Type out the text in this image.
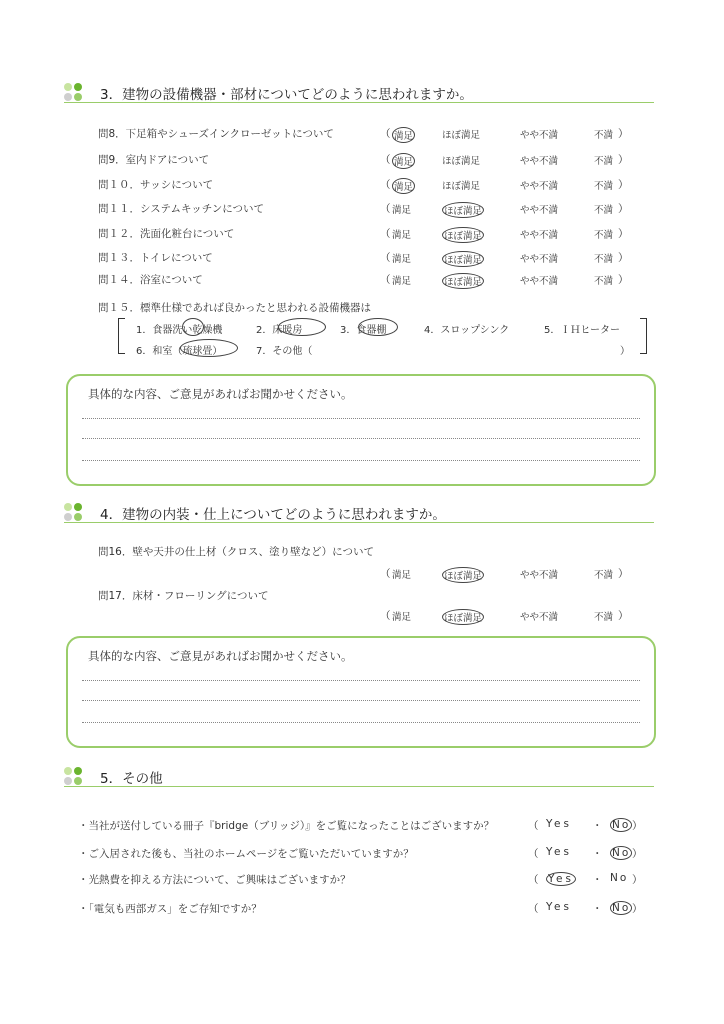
3．建物の設備機器・部材についてどのように思われますか。
問8．下足箱やシューズインクローゼットについて	（ 満足	ほぼ満足	やや不満	不満 ）
問9．室内ドアについて	（ 満足	ほぼ満足	やや不満	不満 ）
問１０．サッシについて	（ 満足	ほぼ満足	やや不満	不満 ）
問１１．システムキッチンについて	（ 満足	ほぼ満足	やや不満	不満 ）
問１２．洗面化粧台について	（ 満足	ほぼ満足	やや不満	不満 ）
問１３．トイレについて	（ 満足	ほぼ満足	やや不満	不満 ）
問１４．浴室について	（ 満足	ほぼ満足	やや不満	不満 ）
問１５．標準仕様であれば良かったと思われる設備機器は
1．食器洗い乾燥機	2．床暖房	3．食器棚	4．スロップシンク	5．ＩＨヒーター
6．和室（琉球畳）	7．その他（	）
具体的な内容、ご意見があればお聞かせください。
4．建物の内装・仕上についてどのように思われますか。
問16．壁や天井の仕上材（クロス、塗り壁など）について
（ 満足	ほぼ満足	やや不満	不満 ）
問17．床材・フローリングについて
（ 満足	ほぼ満足	やや不満	不満 ）
具体的な内容、ご意見があればお聞かせください。
5．その他
・当社が送付している冊子『bridge（ブリッジ）』をご覧になったことはございますか？	（ Yes ・ No ）
・ご入居された後も、当社のホームページをご覧いただいていますか？	（ Yes ・ No ）
・光熱費を抑える方法について、ご興味はございますか？	（ Yes ・ No ）
・「電気も西部ガス」をご存知ですか？	（ Yes ・ No ）
